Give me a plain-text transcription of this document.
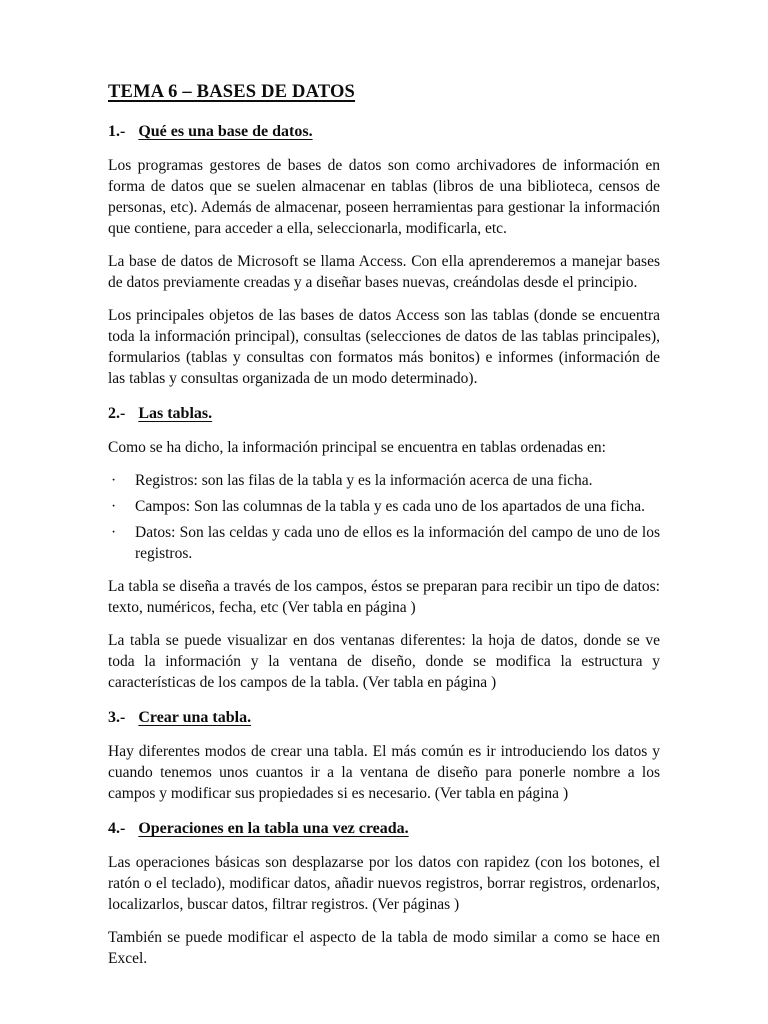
TEMA 6 – BASES DE DATOS
1.- Qué es una base de datos.

Los programas gestores de bases de datos son como archivadores de información en forma de datos que se suelen almacenar en tablas (libros de una biblioteca, censos de personas, etc). Además de almacenar, poseen herramientas para gestionar la información que contiene, para acceder a ella, seleccionarla, modificarla, etc.

La base de datos de Microsoft se llama Access. Con ella aprenderemos a manejar bases de datos previamente creadas y a diseñar bases nuevas, creándolas desde el principio.

Los principales objetos de las bases de datos Access son las tablas (donde se encuentra toda la información principal), consultas (selecciones de datos de las tablas principales), formularios (tablas y consultas con formatos más bonitos) e informes (información de las tablas y consultas organizada de un modo determinado).

2.- Las tablas.

Como se ha dicho, la información principal se encuentra en tablas ordenadas en:

·	Registros: son las filas de la tabla y es la información acerca de una ficha.
·	Campos: Son las columnas de la tabla y es cada uno de los apartados de una ficha.
·	Datos: Son las celdas y cada uno de ellos es la información del campo de uno de los registros.

La tabla se diseña a través de los campos, éstos se preparan para recibir un tipo de datos: texto, numéricos, fecha, etc (Ver tabla en página )

La tabla se puede visualizar en dos ventanas diferentes: la hoja de datos, donde se ve toda la información y la ventana de diseño, donde se modifica la estructura y características de los campos de la tabla. (Ver tabla en página )

3.- Crear una tabla.

Hay diferentes modos de crear una tabla. El más común es ir introduciendo los datos y cuando tenemos unos cuantos ir a la ventana de diseño para ponerle nombre a los campos y modificar sus propiedades si es necesario. (Ver tabla en página )

4.- Operaciones en la tabla una vez creada.

Las operaciones básicas son desplazarse por los datos con rapidez (con los botones, el ratón o el teclado), modificar datos, añadir nuevos registros, borrar registros, ordenarlos, localizarlos, buscar datos, filtrar registros. (Ver páginas )

También se puede modificar el aspecto de la tabla de modo similar a como se hace en Excel.
